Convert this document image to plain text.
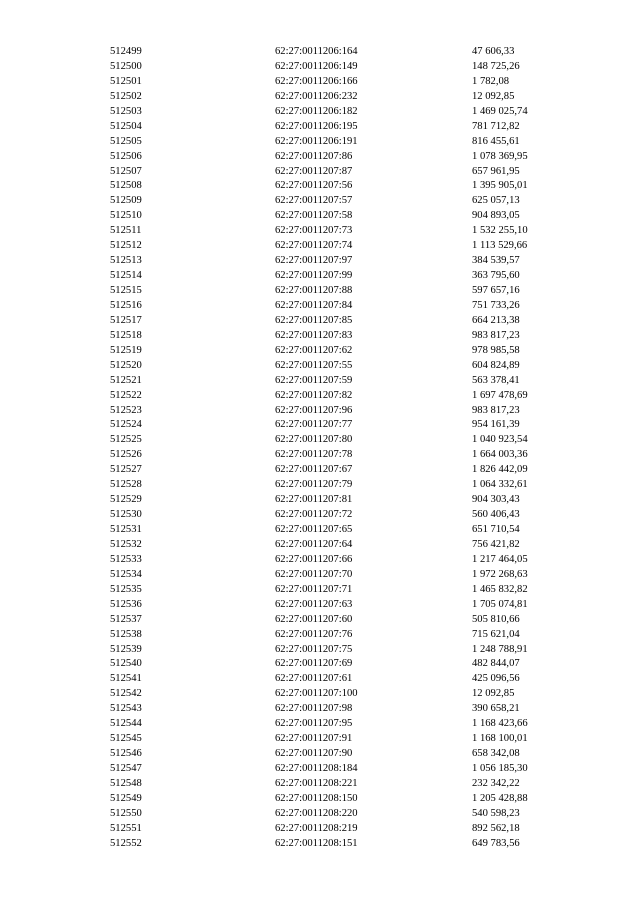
512499	62:27:0011206:164	47 606,33
512500	62:27:0011206:149	148 725,26
512501	62:27:0011206:166	1 782,08
512502	62:27:0011206:232	12 092,85
512503	62:27:0011206:182	1 469 025,74
512504	62:27:0011206:195	781 712,82
512505	62:27:0011206:191	816 455,61
512506	62:27:0011207:86	1 078 369,95
512507	62:27:0011207:87	657 961,95
512508	62:27:0011207:56	1 395 905,01
512509	62:27:0011207:57	625 057,13
512510	62:27:0011207:58	904 893,05
512511	62:27:0011207:73	1 532 255,10
512512	62:27:0011207:74	1 113 529,66
512513	62:27:0011207:97	384 539,57
512514	62:27:0011207:99	363 795,60
512515	62:27:0011207:88	597 657,16
512516	62:27:0011207:84	751 733,26
512517	62:27:0011207:85	664 213,38
512518	62:27:0011207:83	983 817,23
512519	62:27:0011207:62	978 985,58
512520	62:27:0011207:55	604 824,89
512521	62:27:0011207:59	563 378,41
512522	62:27:0011207:82	1 697 478,69
512523	62:27:0011207:96	983 817,23
512524	62:27:0011207:77	954 161,39
512525	62:27:0011207:80	1 040 923,54
512526	62:27:0011207:78	1 664 003,36
512527	62:27:0011207:67	1 826 442,09
512528	62:27:0011207:79	1 064 332,61
512529	62:27:0011207:81	904 303,43
512530	62:27:0011207:72	560 406,43
512531	62:27:0011207:65	651 710,54
512532	62:27:0011207:64	756 421,82
512533	62:27:0011207:66	1 217 464,05
512534	62:27:0011207:70	1 972 268,63
512535	62:27:0011207:71	1 465 832,82
512536	62:27:0011207:63	1 705 074,81
512537	62:27:0011207:60	505 810,66
512538	62:27:0011207:76	715 621,04
512539	62:27:0011207:75	1 248 788,91
512540	62:27:0011207:69	482 844,07
512541	62:27:0011207:61	425 096,56
512542	62:27:0011207:100	12 092,85
512543	62:27:0011207:98	390 658,21
512544	62:27:0011207:95	1 168 423,66
512545	62:27:0011207:91	1 168 100,01
512546	62:27:0011207:90	658 342,08
512547	62:27:0011208:184	1 056 185,30
512548	62:27:0011208:221	232 342,22
512549	62:27:0011208:150	1 205 428,88
512550	62:27:0011208:220	540 598,23
512551	62:27:0011208:219	892 562,18
512552	62:27:0011208:151	649 783,56
